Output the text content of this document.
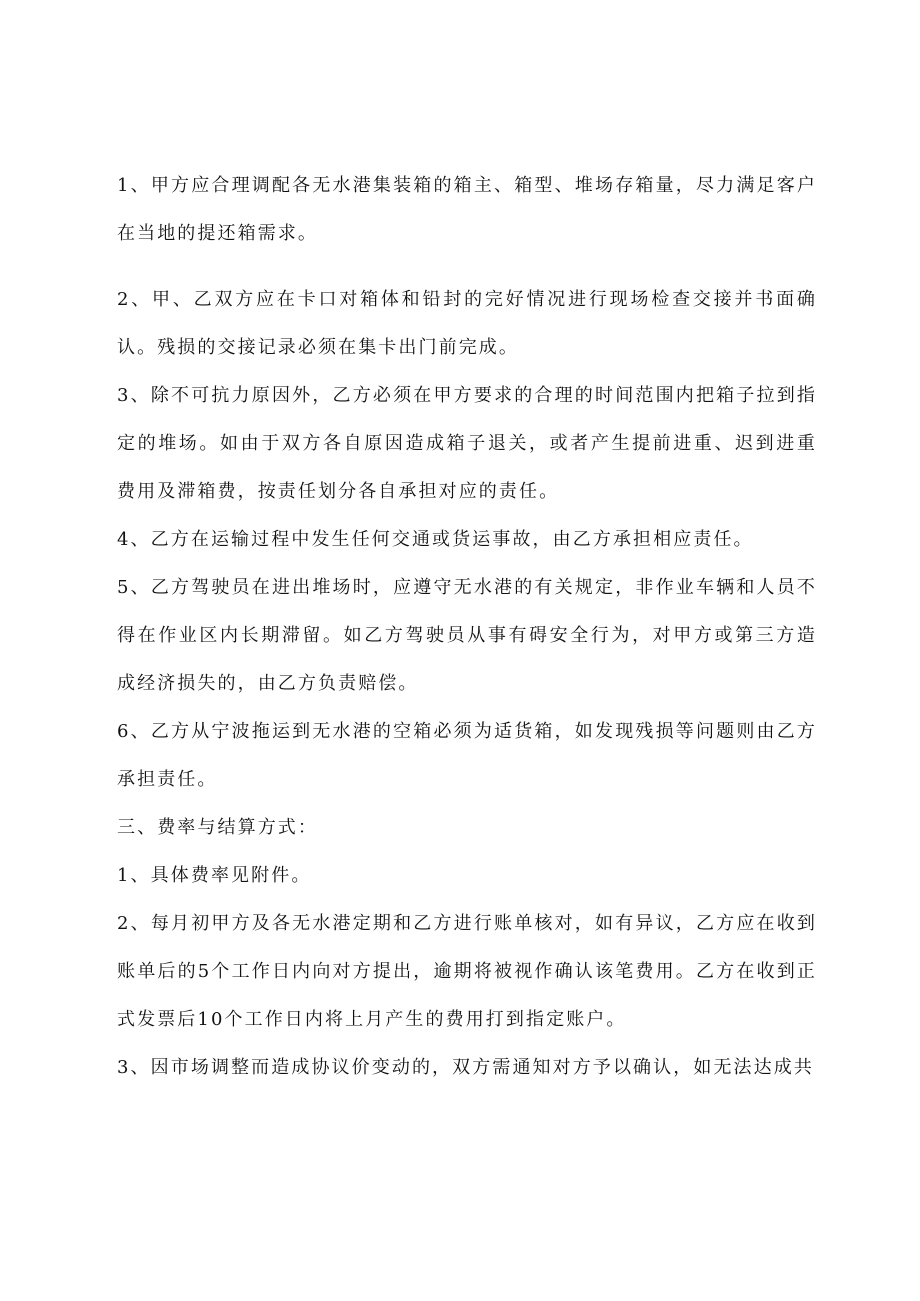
1、甲方应合理调配各无水港集装箱的箱主、箱型、堆场存箱量，尽力满足客户在当地的提还箱需求。

2、甲、乙双方应在卡口对箱体和铅封的完好情况进行现场检查交接并书面确认。残损的交接记录必须在集卡出门前完成。

3、除不可抗力原因外，乙方必须在甲方要求的合理的时间范围内把箱子拉到指定的堆场。如由于双方各自原因造成箱子退关，或者产生提前进重、迟到进重费用及滞箱费，按责任划分各自承担对应的责任。

4、乙方在运输过程中发生任何交通或货运事故，由乙方承担相应责任。

5、乙方驾驶员在进出堆场时，应遵守无水港的有关规定，非作业车辆和人员不得在作业区内长期滞留。如乙方驾驶员从事有碍安全行为，对甲方或第三方造成经济损失的，由乙方负责赔偿。

6、乙方从宁波拖运到无水港的空箱必须为适货箱，如发现残损等问题则由乙方承担责任。

三、费率与结算方式：

1、具体费率见附件。

2、每月初甲方及各无水港定期和乙方进行账单核对，如有异议，乙方应在收到账单后的5个工作日内向对方提出，逾期将被视作确认该笔费用。乙方在收到正式发票后10个工作日内将上月产生的费用打到指定账户。

3、因市场调整而造成协议价变动的，双方需通知对方予以确认，如无法达成共
